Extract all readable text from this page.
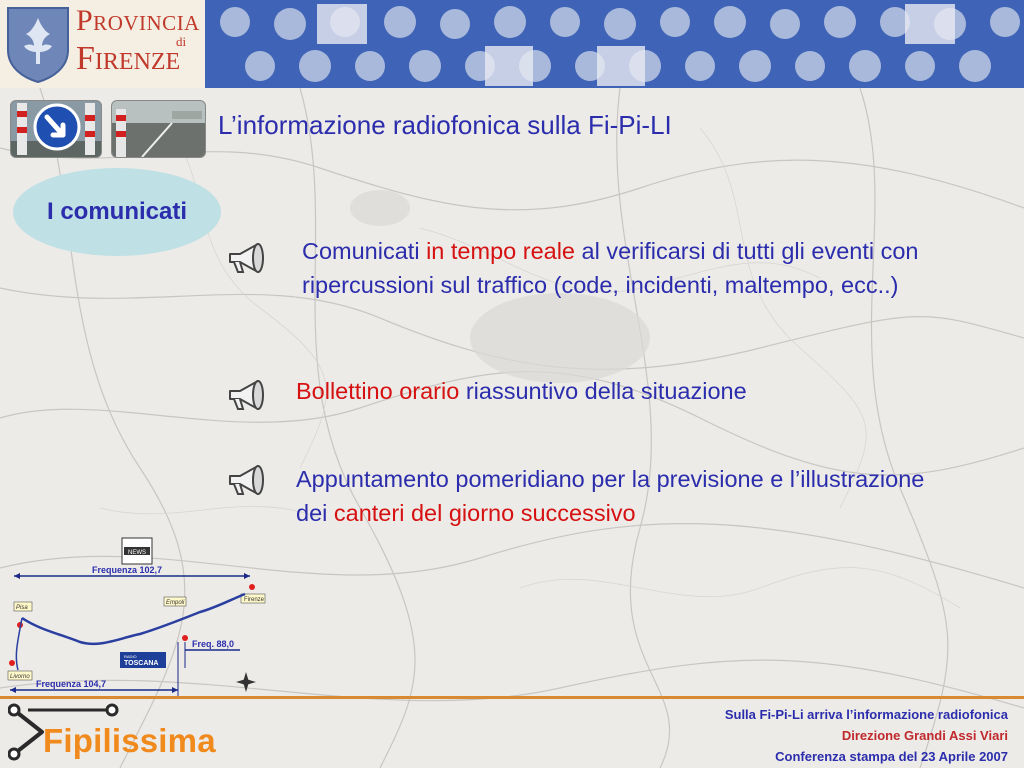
Provincia
di
Firenze
L’informazione radiofonica sulla Fi-Pi-LI
I comunicati
Comunicati in tempo reale al verificarsi di tutti gli eventi con ripercussioni sul traffico (code, incidenti, maltempo, ecc..)
Bollettino orario riassuntivo della situazione
Appuntamento pomeridiano per la previsione e l’illustrazione dei canteri del giorno successivo
NEWS
Frequenza 102,7
Pisa
Empoli	Firenze
Livorno
RADIO
TOSCANA
Freq. 88,0
Frequenza 104,7
Fipilissima
Sulla Fi-Pi-Li arriva l’informazione radiofonica
Direzione Grandi Assi Viari
Conferenza stampa del 23 Aprile 2007
